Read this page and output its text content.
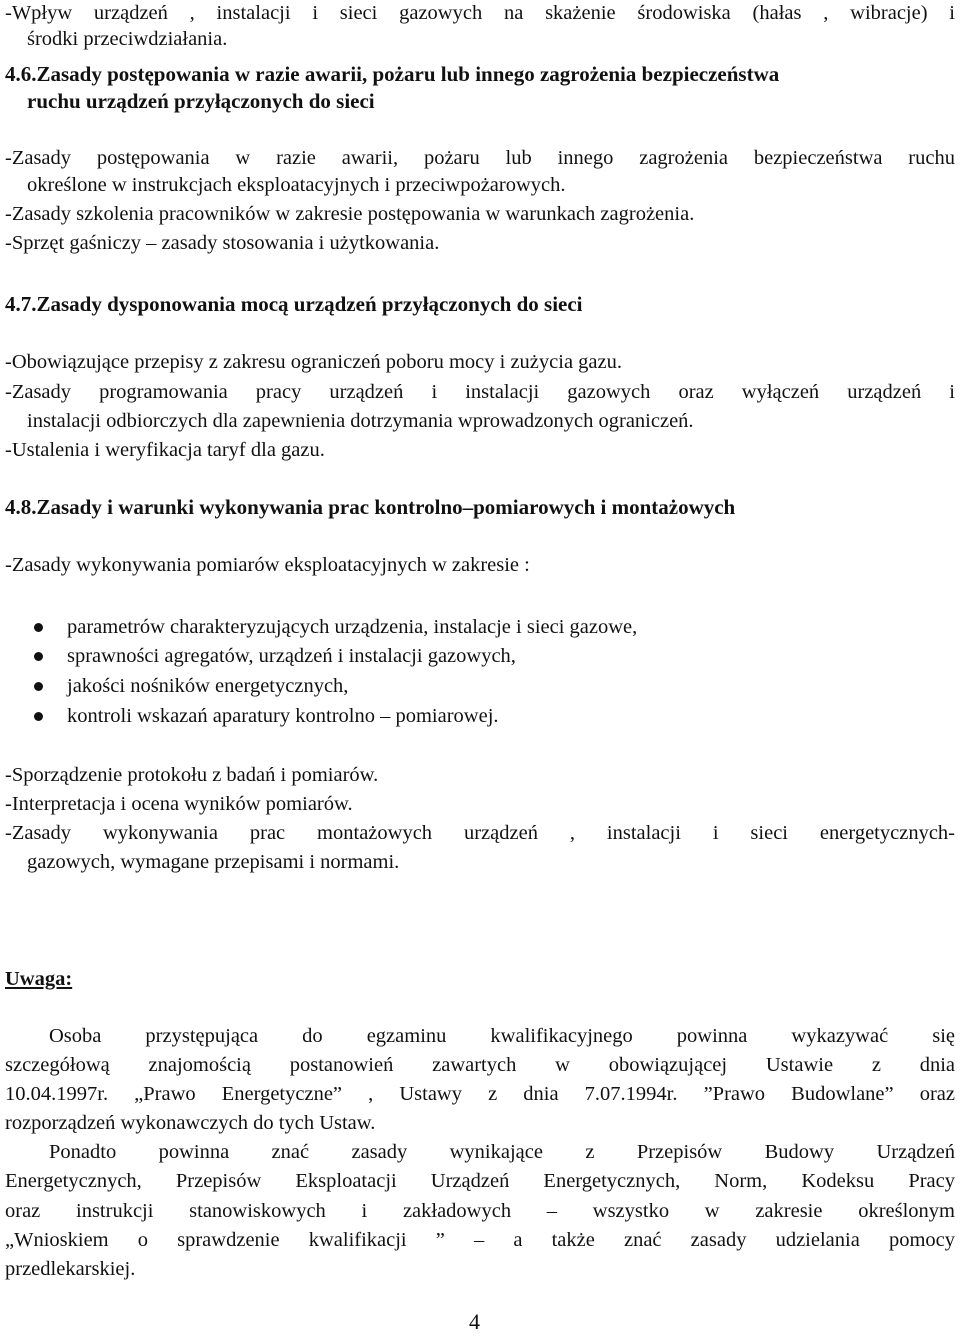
-Wpływ urządzeń , instalacji i sieci gazowych na skażenie środowiska (hałas , wibracje) i
środki przeciwdziałania.
4.6.Zasady postępowania w razie awarii, pożaru lub innego zagrożenia bezpieczeństwa
ruchu urządzeń przyłączonych do sieci
-Zasady postępowania w razie awarii, pożaru lub innego zagrożenia bezpieczeństwa ruchu
określone w instrukcjach eksploatacyjnych i przeciwpożarowych.
-Zasady szkolenia pracowników w zakresie postępowania w warunkach zagrożenia.
-Sprzęt gaśniczy – zasady stosowania i użytkowania.
4.7.Zasady dysponowania mocą urządzeń przyłączonych do sieci
-Obowiązujące przepisy z zakresu ograniczeń poboru mocy i zużycia gazu.
-Zasady programowania pracy urządzeń i instalacji gazowych oraz wyłączeń urządzeń i
instalacji odbiorczych dla zapewnienia dotrzymania wprowadzonych ograniczeń.
-Ustalenia i weryfikacja taryf dla gazu.
4.8.Zasady i warunki wykonywania prac kontrolno–pomiarowych i montażowych
-Zasady wykonywania pomiarów eksploatacyjnych w zakresie :
parametrów charakteryzujących urządzenia, instalacje i sieci gazowe,
sprawności agregatów, urządzeń i instalacji gazowych,
jakości nośników energetycznych,
kontroli wskazań aparatury kontrolno – pomiarowej.
-Sporządzenie protokołu z badań i pomiarów.
-Interpretacja i ocena wyników pomiarów.
-Zasady wykonywania prac montażowych urządzeń , instalacji i sieci energetycznych-
gazowych, wymagane przepisami i normami.
Uwaga:
Osoba przystępująca do egzaminu kwalifikacyjnego powinna wykazywać się
szczegółową znajomością postanowień zawartych w obowiązującej Ustawie z dnia
10.04.1997r. „Prawo Energetyczne” , Ustawy z dnia 7.07.1994r. ”Prawo Budowlane” oraz
rozporządzeń wykonawczych do tych Ustaw.
Ponadto powinna znać zasady wynikające z Przepisów Budowy Urządzeń
Energetycznych, Przepisów Eksploatacji Urządzeń Energetycznych, Norm, Kodeksu Pracy
oraz instrukcji stanowiskowych i zakładowych – wszystko w zakresie określonym
„Wnioskiem o sprawdzenie kwalifikacji ” – a także znać zasady udzielania pomocy
przedlekarskiej.
4
